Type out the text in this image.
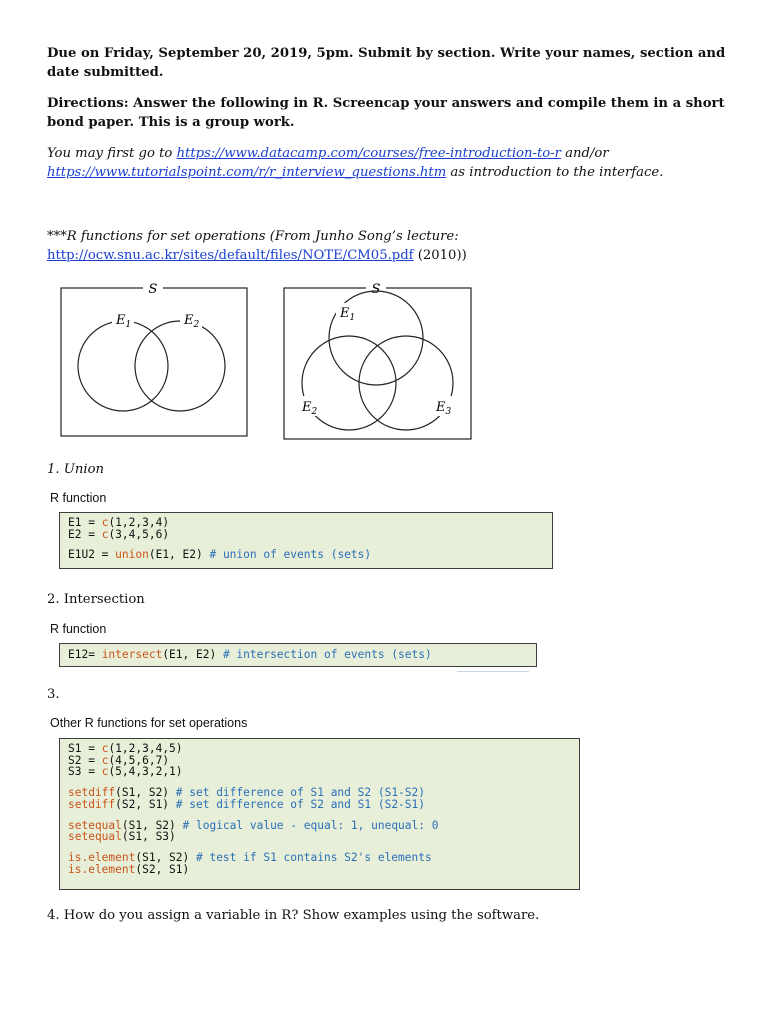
Due on Friday, September 20, 2019, 5pm. Submit by section. Write your names, section and date submitted.
Directions: Answer the following in R. Screencap your answers and compile them in a short bond paper. This is a group work.
You may first go to https://www.datacamp.com/courses/free-introduction-to-r and/or
https://www.tutorialspoint.com/r/r_interview_questions.htm as introduction to the interface.
***R functions for set operations (From Junho Song’s lecture:
http://ocw.snu.ac.kr/sites/default/files/NOTE/CM05.pdf (2010))
S
$E_1$	$E_2$
S
$E_1$
$E_2$	$E_3$
1. Union
R function
E1 = c(1,2,3,4)
E2 = c(3,4,5,6)
E1U2 = union(E1, E2) # union of events (sets)
2. Intersection
R function
E12= intersect(E1, E2) # intersection of events (sets)
3.
Other R functions for set operations
S1 = c(1,2,3,4,5)
S2 = c(4,5,6,7)
S3 = c(5,4,3,2,1)
setdiff(S1, S2) # set difference of S1 and S2 (S1-S2)
setdiff(S2, S1) # set difference of S2 and S1 (S2-S1)
setequal(S1, S2) # logical value - equal: 1, unequal: 0
setequal(S1, S3)
is.element(S1, S2) # test if S1 contains S2's elements
is.element(S2, S1)
4. How do you assign a variable in R? Show examples using the software.
